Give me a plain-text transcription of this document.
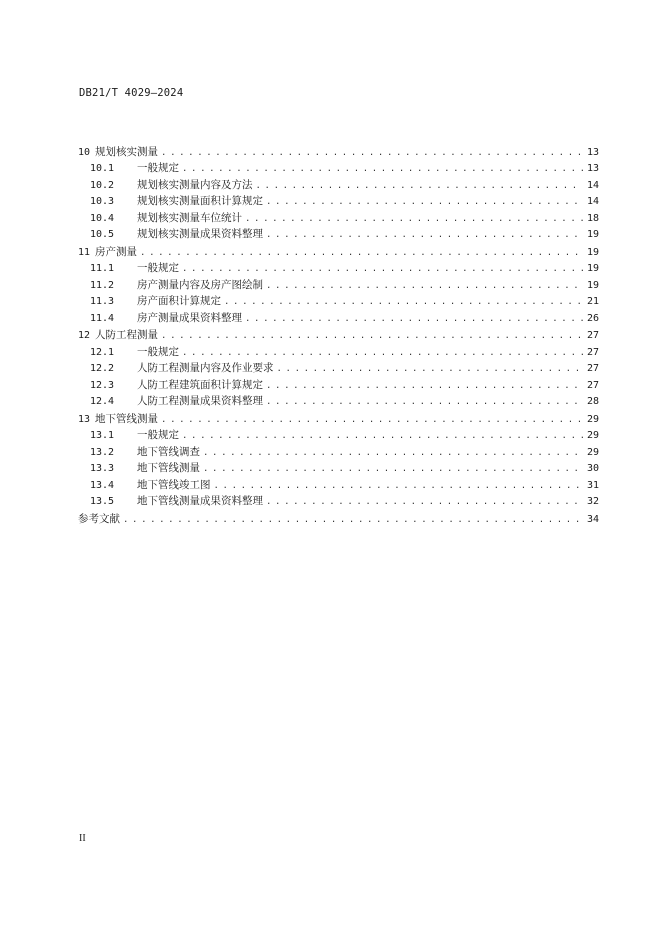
DB21/T 4029—2024
10 规划核实测量 . . .	13
10.1	一般规定 . . .	13
10.2	规划核实测量内容及方法 . . .	14
10.3	规划核实测量面积计算规定 . . .	14
10.4	规划核实测量车位统计 . . .	18
10.5	规划核实测量成果资料整理 . . .	19
11 房产测量 . . .	19
11.1	一般规定 . . .	19
11.2	房产测量内容及房产图绘制 . . .	19
11.3	房产面积计算规定 . . .	21
11.4	房产测量成果资料整理 . . .	26
12 人防工程测量 . . .	27
12.1	一般规定 . . .	27
12.2	人防工程测量内容及作业要求 . . .	27
12.3	人防工程建筑面积计算规定 . . .	27
12.4	人防工程测量成果资料整理 . . .	28
13 地下管线测量 . . .	29
13.1	一般规定 . . .	29
13.2	地下管线调查 . . .	29
13.3	地下管线测量 . . .	30
13.4	地下管线竣工图 . . .	31
13.5	地下管线测量成果资料整理 . . .	32
参考文献 . . .	34
II
